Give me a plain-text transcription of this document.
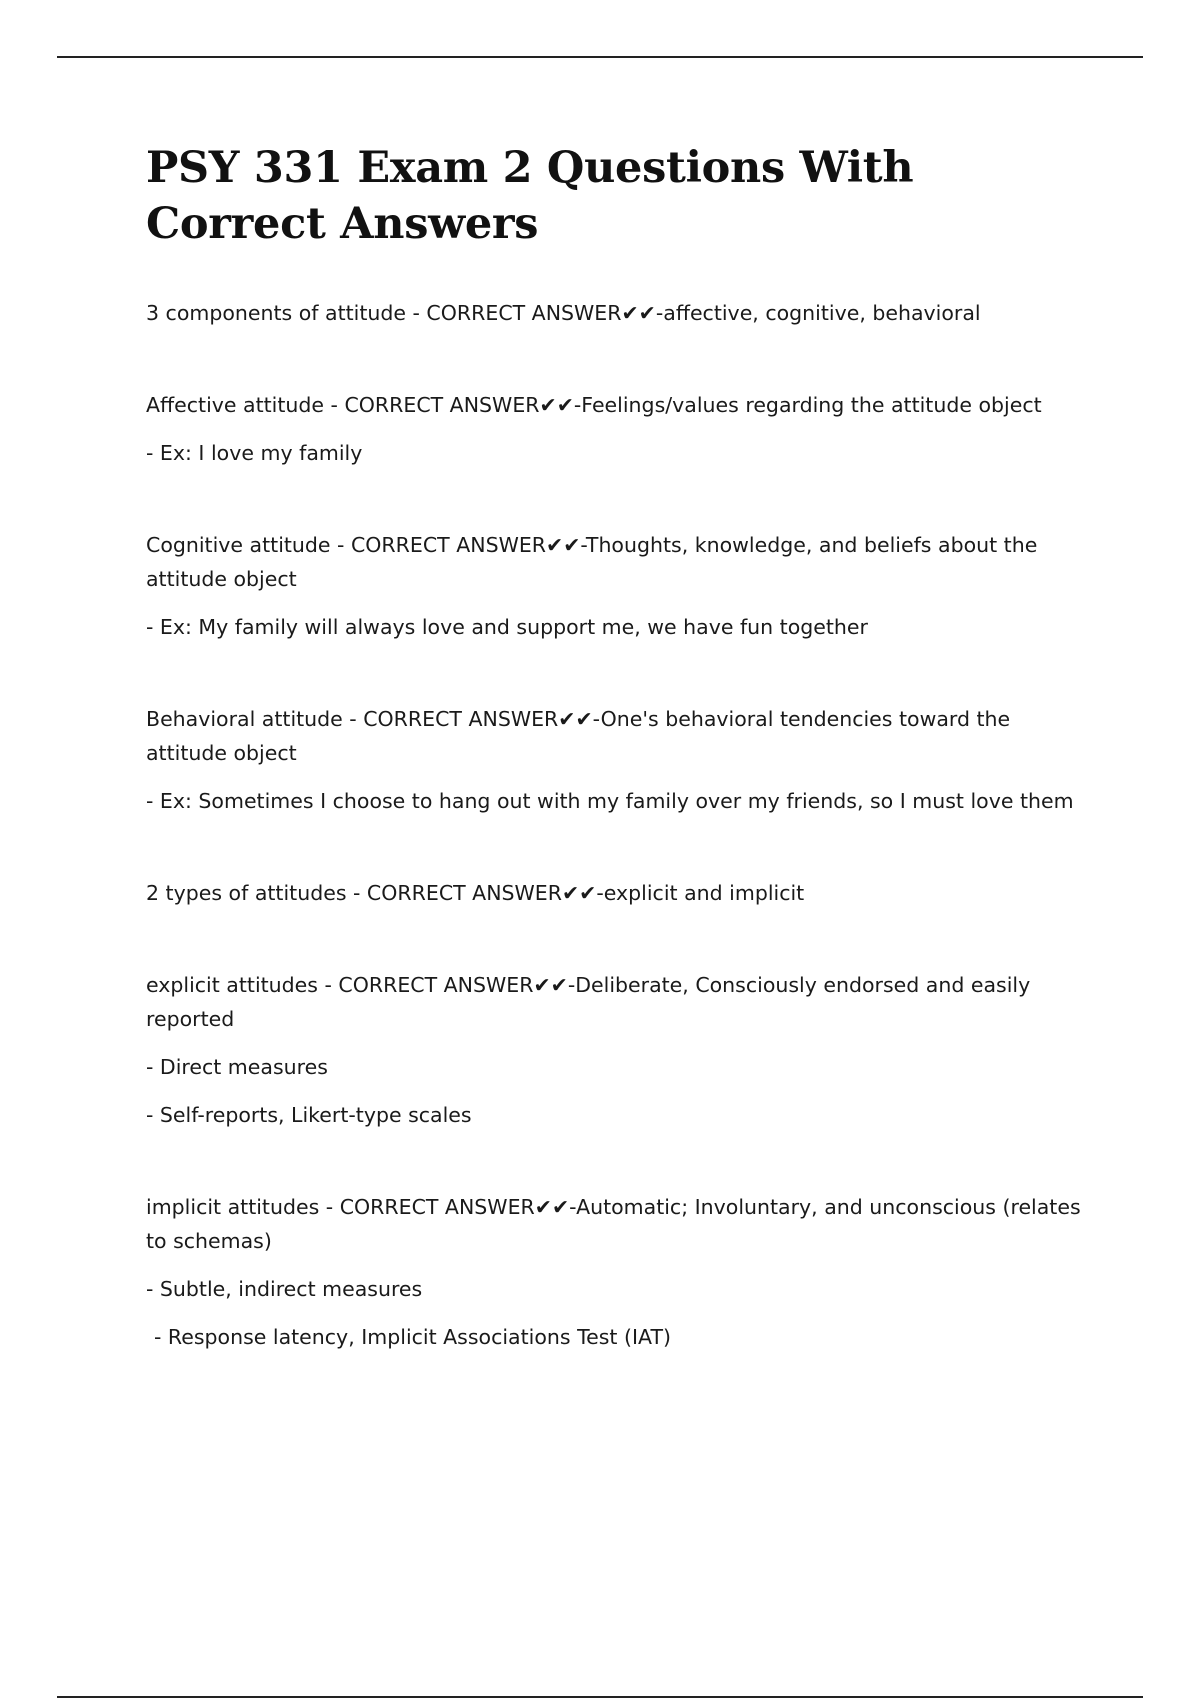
PSY 331 Exam 2 Questions With Correct Answers

3 components of attitude - CORRECT ANSWER✔✔-affective, cognitive, behavioral

Affective attitude - CORRECT ANSWER✔✔-Feelings/values regarding the attitude object

- Ex: I love my family

Cognitive attitude - CORRECT ANSWER✔✔-Thoughts, knowledge, and beliefs about the attitude object

- Ex: My family will always love and support me, we have fun together

Behavioral attitude - CORRECT ANSWER✔✔-One's behavioral tendencies toward the attitude object

- Ex: Sometimes I choose to hang out with my family over my friends, so I must love them

2 types of attitudes - CORRECT ANSWER✔✔-explicit and implicit

explicit attitudes - CORRECT ANSWER✔✔-Deliberate, Consciously endorsed and easily reported

- Direct measures

- Self-reports, Likert-type scales

implicit attitudes - CORRECT ANSWER✔✔-Automatic; Involuntary, and unconscious (relates to schemas)

- Subtle, indirect measures

- Response latency, Implicit Associations Test (IAT)
